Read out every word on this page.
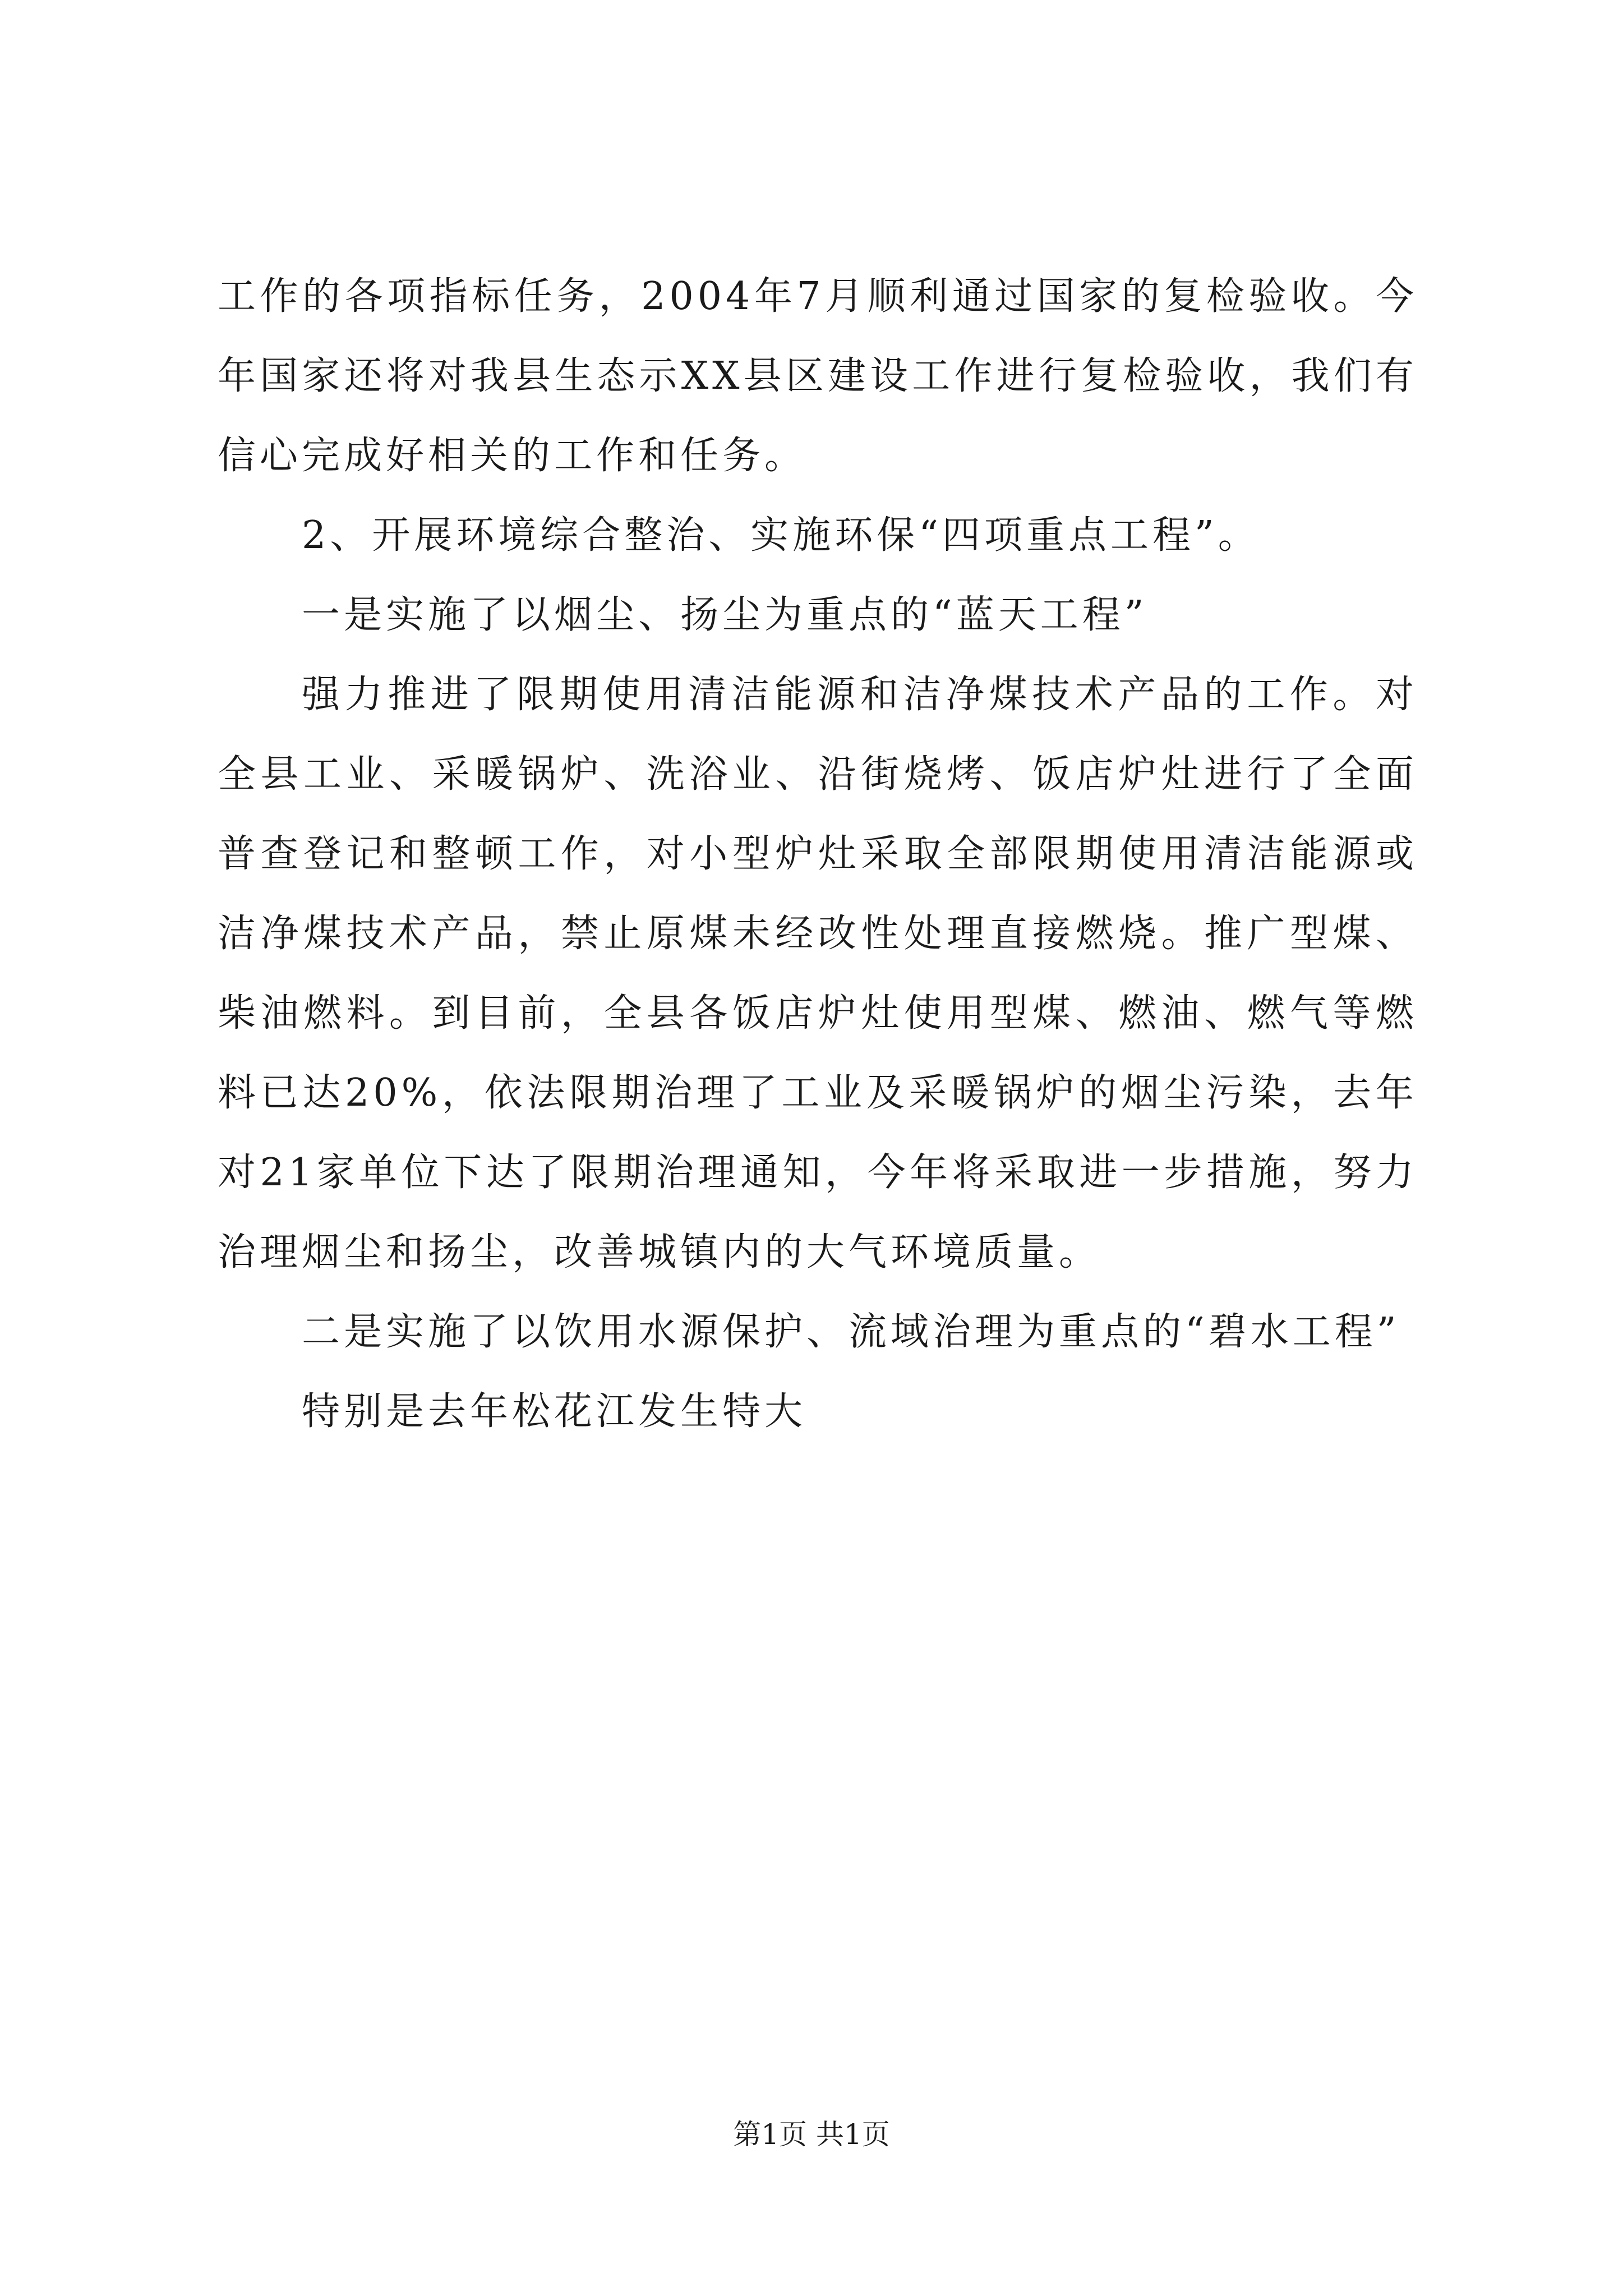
工作的各项指标任务，2004年7月顺利通过国家的复检验收。今年国家还将对我县生态示XX县区建设工作进行复检验收，我们有信心完成好相关的工作和任务。

2、开展环境综合整治、实施环保“四项重点工程”。

一是实施了以烟尘、扬尘为重点的“蓝天工程”

强力推进了限期使用清洁能源和洁净煤技术产品的工作。对全县工业、采暖锅炉、洗浴业、沿街烧烤、饭店炉灶进行了全面普查登记和整顿工作，对小型炉灶采取全部限期使用清洁能源或洁净煤技术产品，禁止原煤未经改性处理直接燃烧。推广型煤、柴油燃料。到目前，全县各饭店炉灶使用型煤、燃油、燃气等燃料已达20%，依法限期治理了工业及采暖锅炉的烟尘污染，去年对21家单位下达了限期治理通知，今年将采取进一步措施，努力治理烟尘和扬尘，改善城镇内的大气环境质量。

二是实施了以饮用水源保护、流域治理为重点的“碧水工程”

特别是去年松花江发生特大

第1页 共1页
